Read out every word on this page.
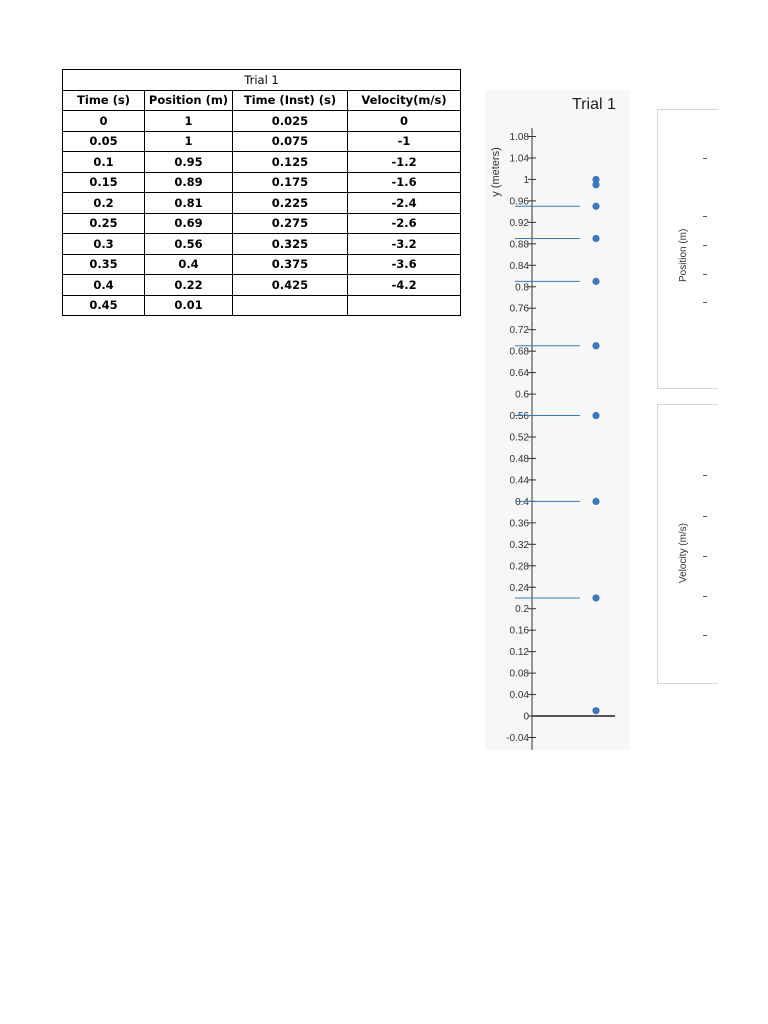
Trial 1			
Time (s)	Position (m)	Time (Inst) (s)	Velocity(m/s)
0	1	0.025	0
0.05	1	0.075	-1
0.1	0.95	0.125	-1.2
0.15	0.89	0.175	-1.6
0.2	0.81	0.225	-2.4
0.25	0.69	0.275	-2.6
0.3	0.56	0.325	-3.2
0.35	0.4	0.375	-3.6
0.4	0.22	0.425	-4.2
0.45	0.01		
Trial 1
1.08
1.04
1
0.96
0.92
0.88
0.84
0.8
0.76
0.72
0.68
0.64
0.6
0.56
0.52
0.48
0.44
0.4
0.36
0.32
0.28
0.24
0.2
0.16
0.12
0.08
0.04
0
-0.04
y (meters)
Position (m)
Velocity (m/s)
